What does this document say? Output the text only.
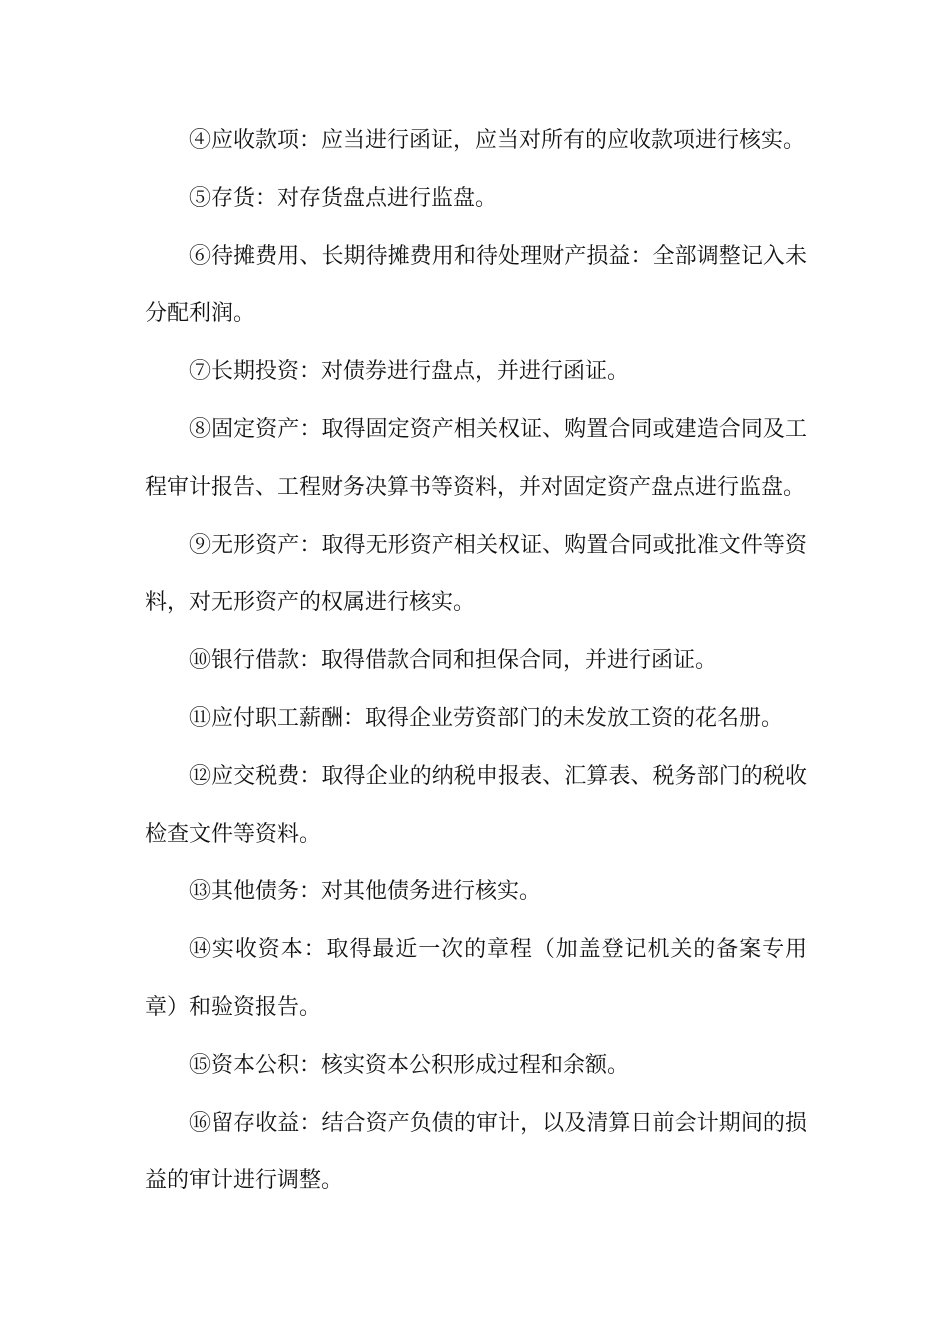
④应收款项：应当进行函证，应当对所有的应收款项进行核实。

⑤存货：对存货盘点进行监盘。

⑥待摊费用、长期待摊费用和待处理财产损益：全部调整记入未分配利润。

⑦长期投资：对债券进行盘点，并进行函证。

⑧固定资产：取得固定资产相关权证、购置合同或建造合同及工程审计报告、工程财务决算书等资料，并对固定资产盘点进行监盘。

⑨无形资产：取得无形资产相关权证、购置合同或批准文件等资料，对无形资产的权属进行核实。

⑩银行借款：取得借款合同和担保合同，并进行函证。

⑪应付职工薪酬：取得企业劳资部门的未发放工资的花名册。

⑫应交税费：取得企业的纳税申报表、汇算表、税务部门的税收检查文件等资料。

⑬其他债务：对其他债务进行核实。

⑭实收资本：取得最近一次的章程（加盖登记机关的备案专用章）和验资报告。

⑮资本公积：核实资本公积形成过程和余额。

⑯留存收益：结合资产负债的审计，以及清算日前会计期间的损益的审计进行调整。
